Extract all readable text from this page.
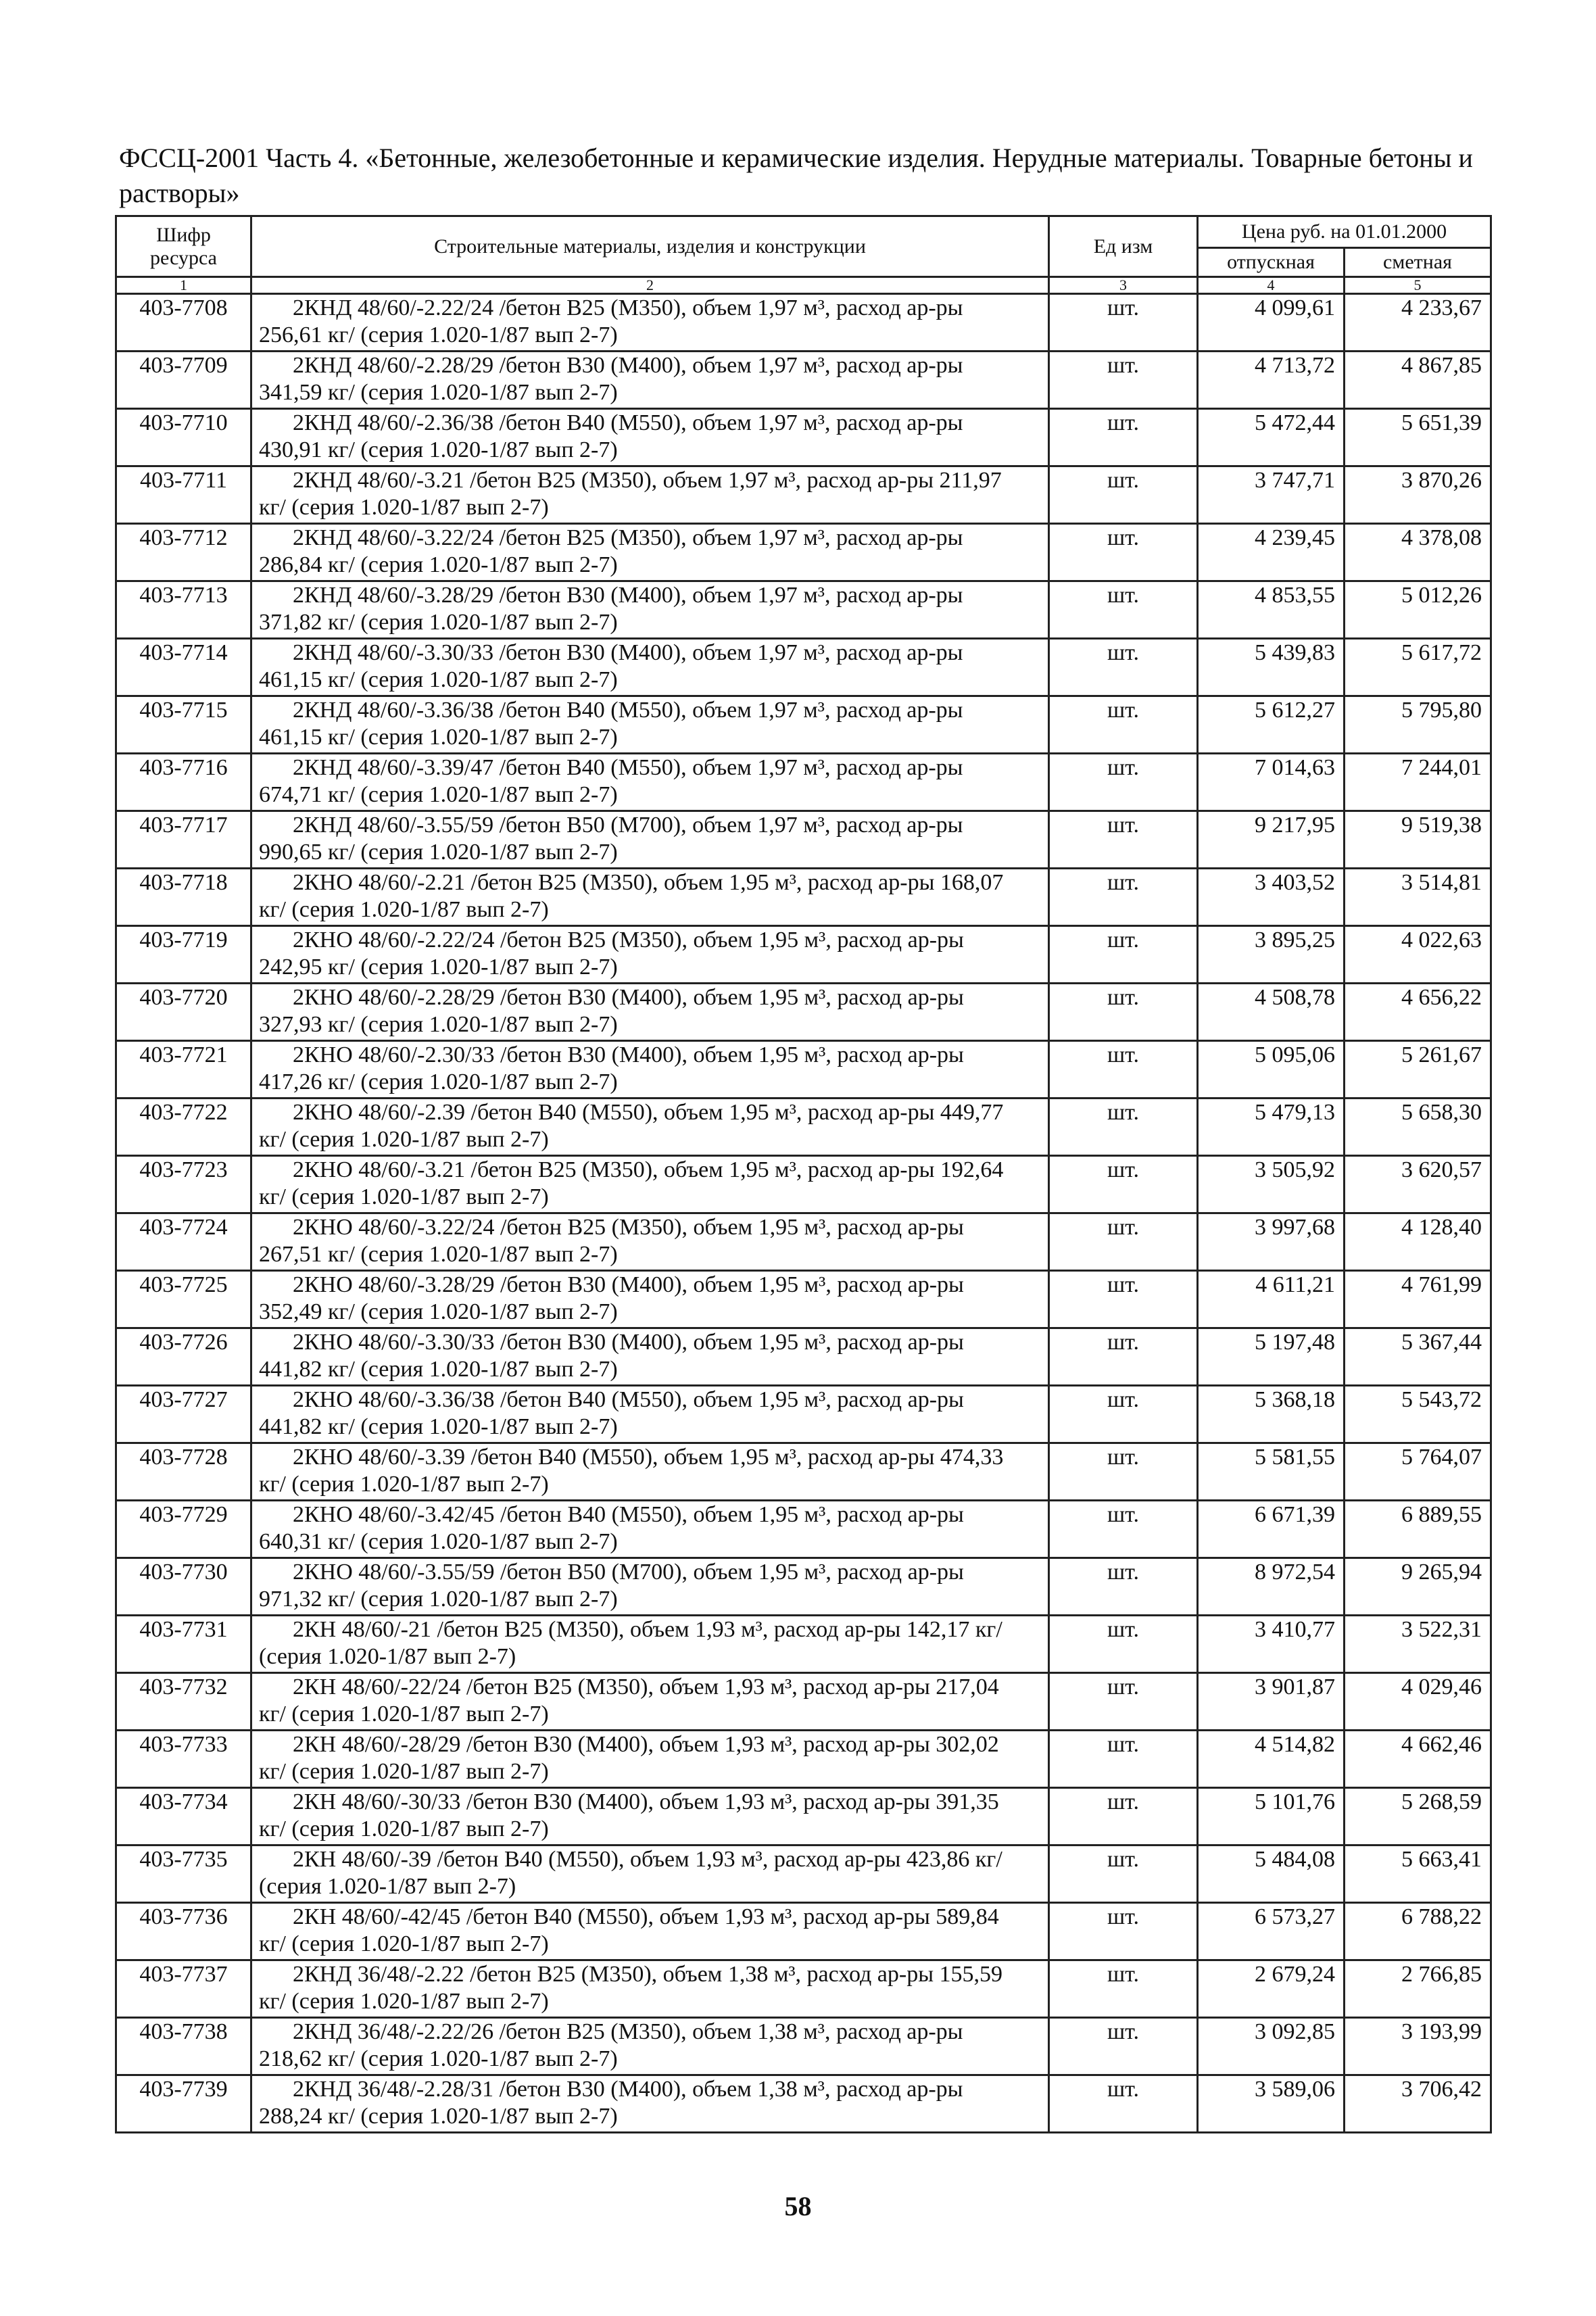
ФССЦ-2001 Часть 4. «Бетонные, железобетонные и керамические изделия. Нерудные материалы. Товарные бетоны и растворы»
Шифр ресурса	Строительные материалы, изделия и конструкции	Ед изм	Цена руб. на 01.01.2000	
			отпускная	сметная
1	2	3	4	5
403-7708	2КНД 48/60/-2.22/24 /бетон В25 (М350), объем 1,97 м³, расход ар-ры
256,61 кг/ (серия 1.020-1/87 вып 2-7)	шт.	4 099,61	4 233,67
403-7709	2КНД 48/60/-2.28/29 /бетон В30 (М400), объем 1,97 м³, расход ар-ры
341,59 кг/ (серия 1.020-1/87 вып 2-7)	шт.	4 713,72	4 867,85
403-7710	2КНД 48/60/-2.36/38 /бетон В40 (М550), объем 1,97 м³, расход ар-ры
430,91 кг/ (серия 1.020-1/87 вып 2-7)	шт.	5 472,44	5 651,39
403-7711	2КНД 48/60/-3.21 /бетон В25 (М350), объем 1,97 м³, расход ар-ры 211,97
кг/ (серия 1.020-1/87 вып 2-7)	шт.	3 747,71	3 870,26
403-7712	2КНД 48/60/-3.22/24 /бетон В25 (М350), объем 1,97 м³, расход ар-ры
286,84 кг/ (серия 1.020-1/87 вып 2-7)	шт.	4 239,45	4 378,08
403-7713	2КНД 48/60/-3.28/29 /бетон В30 (М400), объем 1,97 м³, расход ар-ры
371,82 кг/ (серия 1.020-1/87 вып 2-7)	шт.	4 853,55	5 012,26
403-7714	2КНД 48/60/-3.30/33 /бетон В30 (М400), объем 1,97 м³, расход ар-ры
461,15 кг/ (серия 1.020-1/87 вып 2-7)	шт.	5 439,83	5 617,72
403-7715	2КНД 48/60/-3.36/38 /бетон В40 (М550), объем 1,97 м³, расход ар-ры
461,15 кг/ (серия 1.020-1/87 вып 2-7)	шт.	5 612,27	5 795,80
403-7716	2КНД 48/60/-3.39/47 /бетон В40 (М550), объем 1,97 м³, расход ар-ры
674,71 кг/ (серия 1.020-1/87 вып 2-7)	шт.	7 014,63	7 244,01
403-7717	2КНД 48/60/-3.55/59 /бетон В50 (М700), объем 1,97 м³, расход ар-ры
990,65 кг/ (серия 1.020-1/87 вып 2-7)	шт.	9 217,95	9 519,38
403-7718	2КНО 48/60/-2.21 /бетон В25 (М350), объем 1,95 м³, расход ар-ры 168,07
кг/ (серия 1.020-1/87 вып 2-7)	шт.	3 403,52	3 514,81
403-7719	2КНО 48/60/-2.22/24 /бетон В25 (М350), объем 1,95 м³, расход ар-ры
242,95 кг/ (серия 1.020-1/87 вып 2-7)	шт.	3 895,25	4 022,63
403-7720	2КНО 48/60/-2.28/29 /бетон В30 (М400), объем 1,95 м³, расход ар-ры
327,93 кг/ (серия 1.020-1/87 вып 2-7)	шт.	4 508,78	4 656,22
403-7721	2КНО 48/60/-2.30/33 /бетон В30 (М400), объем 1,95 м³, расход ар-ры
417,26 кг/ (серия 1.020-1/87 вып 2-7)	шт.	5 095,06	5 261,67
403-7722	2КНО 48/60/-2.39 /бетон В40 (М550), объем 1,95 м³, расход ар-ры 449,77
кг/ (серия 1.020-1/87 вып 2-7)	шт.	5 479,13	5 658,30
403-7723	2КНО 48/60/-3.21 /бетон В25 (М350), объем 1,95 м³, расход ар-ры 192,64
кг/ (серия 1.020-1/87 вып 2-7)	шт.	3 505,92	3 620,57
403-7724	2КНО 48/60/-3.22/24 /бетон В25 (М350), объем 1,95 м³, расход ар-ры
267,51 кг/ (серия 1.020-1/87 вып 2-7)	шт.	3 997,68	4 128,40
403-7725	2КНО 48/60/-3.28/29 /бетон В30 (М400), объем 1,95 м³, расход ар-ры
352,49 кг/ (серия 1.020-1/87 вып 2-7)	шт.	4 611,21	4 761,99
403-7726	2КНО 48/60/-3.30/33 /бетон В30 (М400), объем 1,95 м³, расход ар-ры
441,82 кг/ (серия 1.020-1/87 вып 2-7)	шт.	5 197,48	5 367,44
403-7727	2КНО 48/60/-3.36/38 /бетон В40 (М550), объем 1,95 м³, расход ар-ры
441,82 кг/ (серия 1.020-1/87 вып 2-7)	шт.	5 368,18	5 543,72
403-7728	2КНО 48/60/-3.39 /бетон В40 (М550), объем 1,95 м³, расход ар-ры 474,33
кг/ (серия 1.020-1/87 вып 2-7)	шт.	5 581,55	5 764,07
403-7729	2КНО 48/60/-3.42/45 /бетон В40 (М550), объем 1,95 м³, расход ар-ры
640,31 кг/ (серия 1.020-1/87 вып 2-7)	шт.	6 671,39	6 889,55
403-7730	2КНО 48/60/-3.55/59 /бетон В50 (М700), объем 1,95 м³, расход ар-ры
971,32 кг/ (серия 1.020-1/87 вып 2-7)	шт.	8 972,54	9 265,94
403-7731	2КН 48/60/-21 /бетон В25 (М350), объем 1,93 м³, расход ар-ры 142,17 кг/
(серия 1.020-1/87 вып 2-7)	шт.	3 410,77	3 522,31
403-7732	2КН 48/60/-22/24 /бетон В25 (М350), объем 1,93 м³, расход ар-ры 217,04
кг/ (серия 1.020-1/87 вып 2-7)	шт.	3 901,87	4 029,46
403-7733	2КН 48/60/-28/29 /бетон В30 (М400), объем 1,93 м³, расход ар-ры 302,02
кг/ (серия 1.020-1/87 вып 2-7)	шт.	4 514,82	4 662,46
403-7734	2КН 48/60/-30/33 /бетон В30 (М400), объем 1,93 м³, расход ар-ры 391,35
кг/ (серия 1.020-1/87 вып 2-7)	шт.	5 101,76	5 268,59
403-7735	2КН 48/60/-39 /бетон В40 (М550), объем 1,93 м³, расход ар-ры 423,86 кг/
(серия 1.020-1/87 вып 2-7)	шт.	5 484,08	5 663,41
403-7736	2КН 48/60/-42/45 /бетон В40 (М550), объем 1,93 м³, расход ар-ры 589,84
кг/ (серия 1.020-1/87 вып 2-7)	шт.	6 573,27	6 788,22
403-7737	2КНД 36/48/-2.22 /бетон В25 (М350), объем 1,38 м³, расход ар-ры 155,59
кг/ (серия 1.020-1/87 вып 2-7)	шт.	2 679,24	2 766,85
403-7738	2КНД 36/48/-2.22/26 /бетон В25 (М350), объем 1,38 м³, расход ар-ры
218,62 кг/ (серия 1.020-1/87 вып 2-7)	шт.	3 092,85	3 193,99
403-7739	2КНД 36/48/-2.28/31 /бетон В30 (М400), объем 1,38 м³, расход ар-ры
288,24 кг/ (серия 1.020-1/87 вып 2-7)	шт.	3 589,06	3 706,42
58
